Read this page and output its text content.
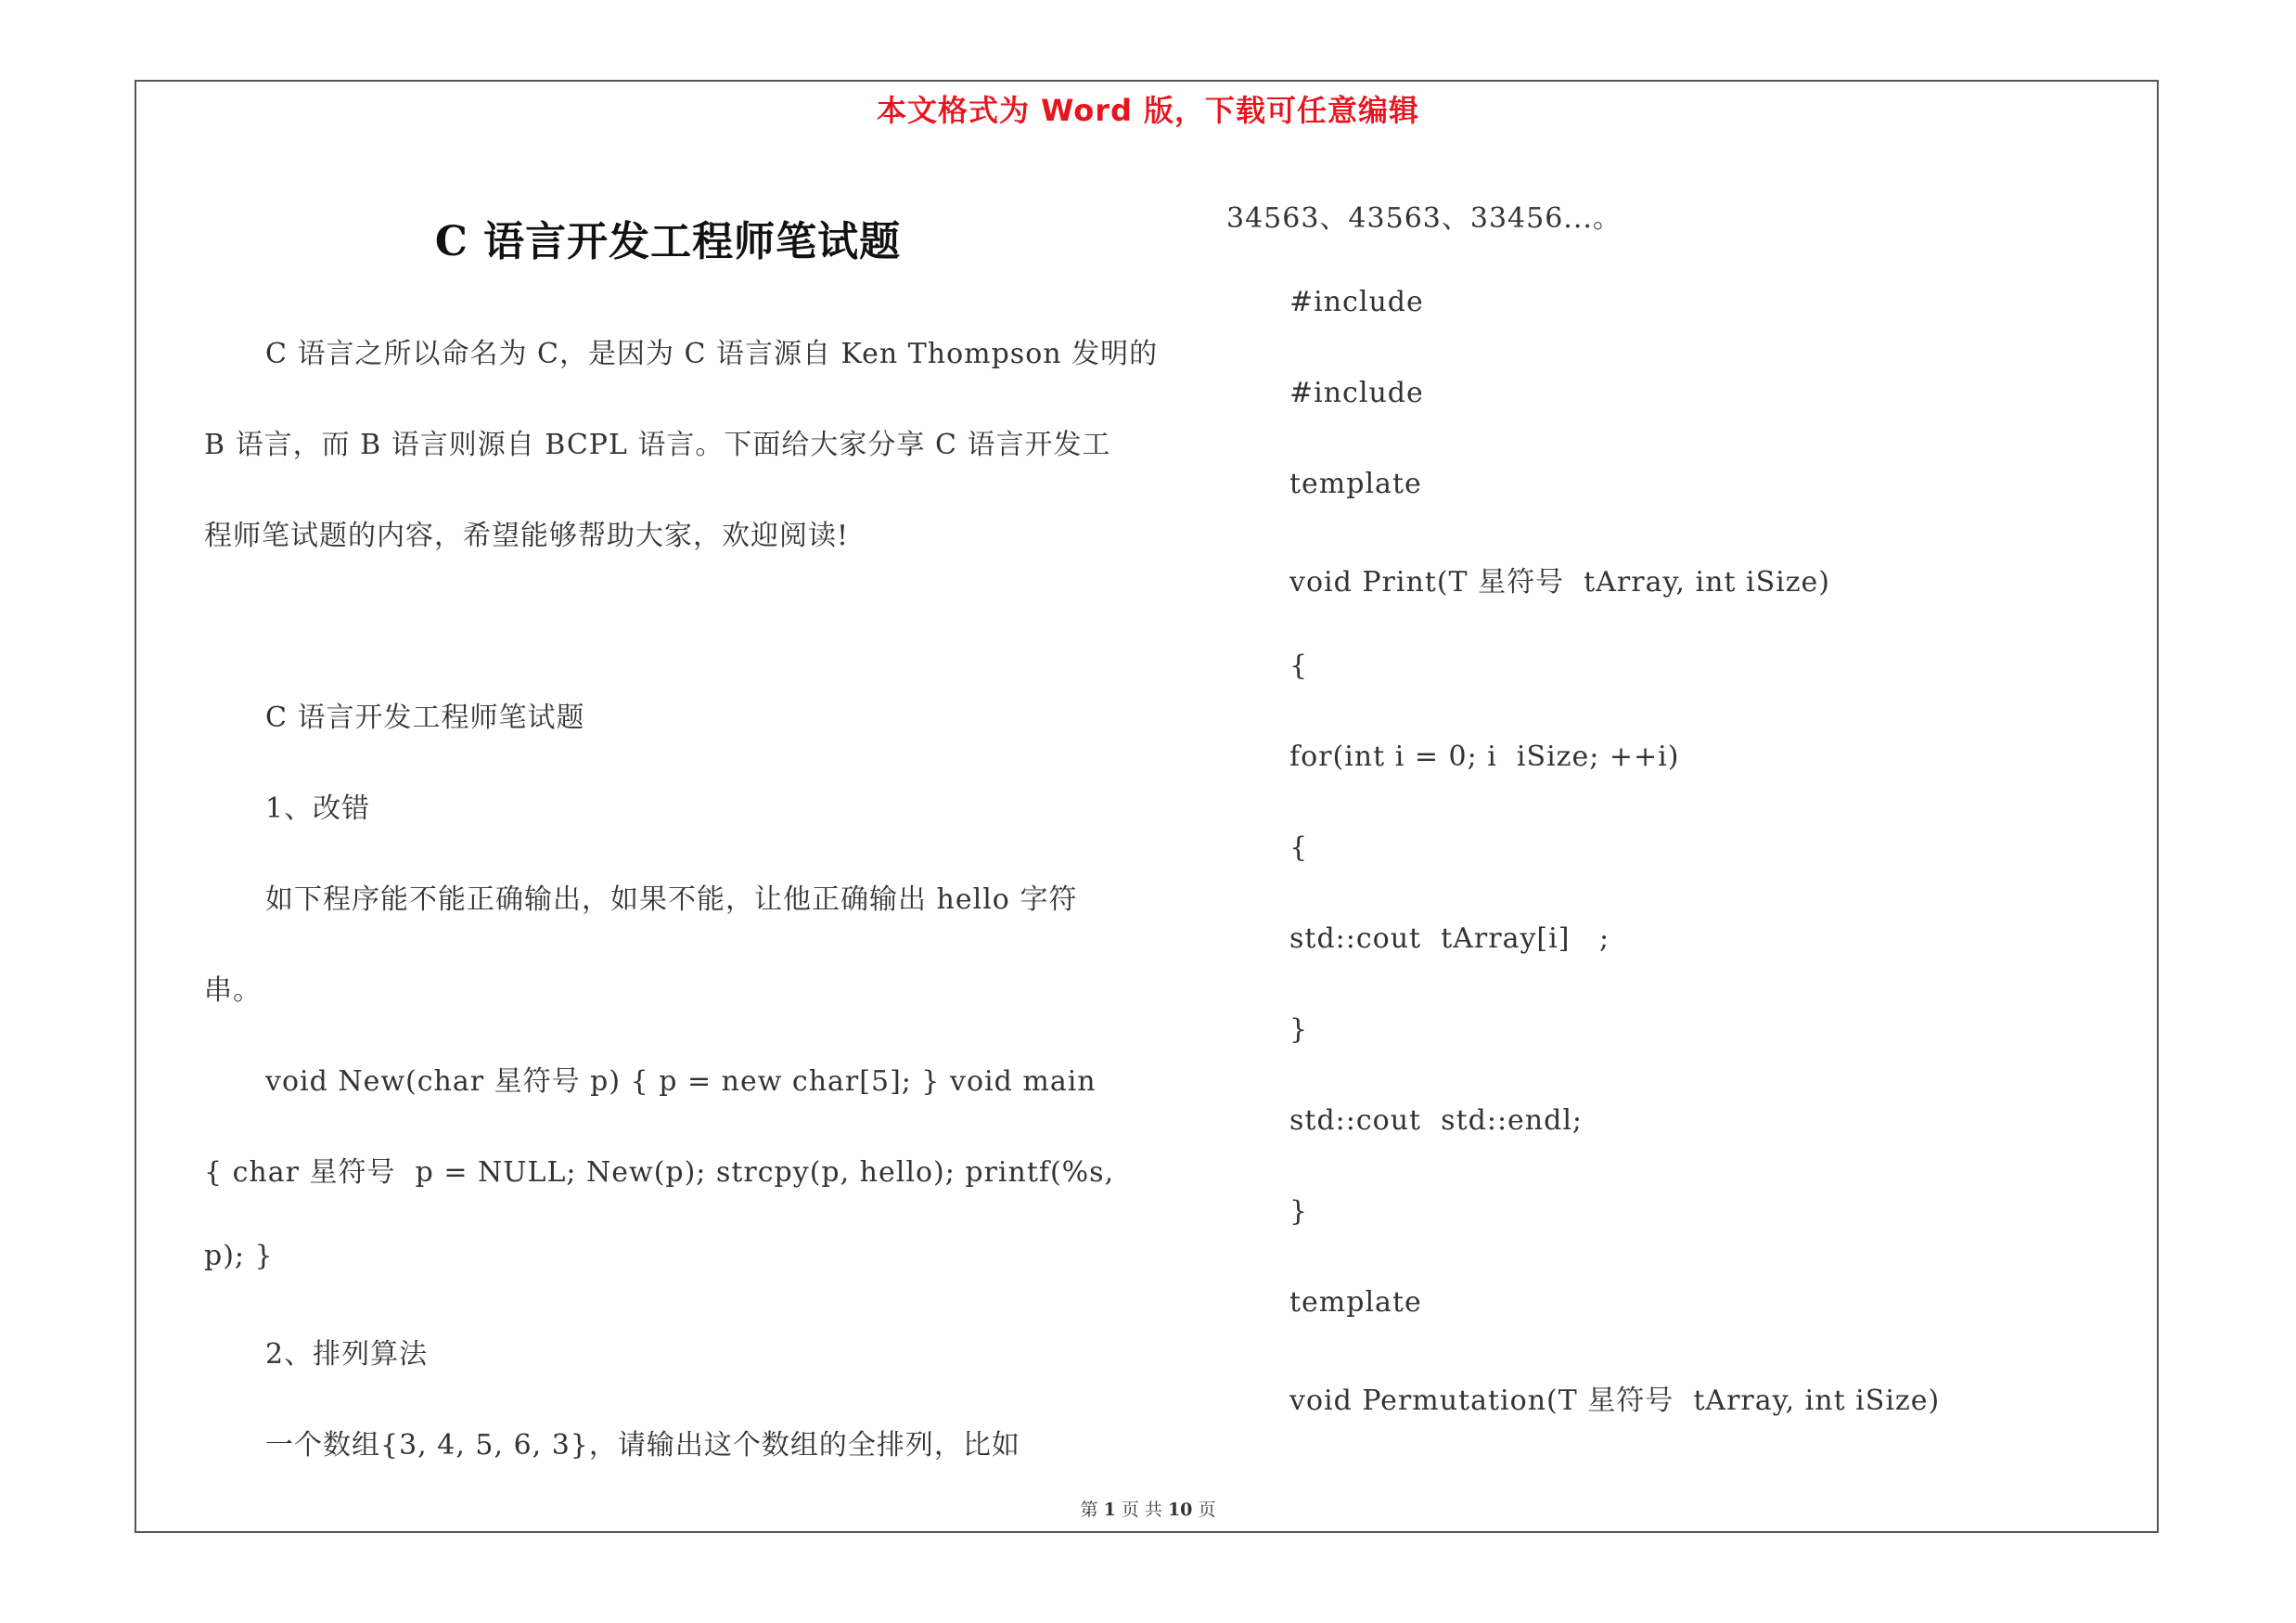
本文格式为 Word 版，下载可任意编辑
C 语言开发工程师笔试题

C 语言之所以命名为 C，是因为 C 语言源自 Ken Thompson 发明的

B 语言，而 B 语言则源自 BCPL 语言。下面给大家分享 C 语言开发工

程师笔试题的内容，希望能够帮助大家，欢迎阅读!

C 语言开发工程师笔试题

1、改错

如下程序能不能正确输出，如果不能，让他正确输出 hello 字符

串。

void New(char 星符号 p) { p = new char[5]; } void main

{ char 星符号  p = NULL; New(p); strcpy(p, hello); printf(%s,

p); }

2、排列算法

一个数组{3, 4, 5, 6, 3}，请输出这个数组的全排列，比如

34563、43563、33456...。

#include

#include

template

void Print(T 星符号  tArray, int iSize)

{

for(int i = 0; i  iSize; ++i)

{

std::cout  tArray[i]   ;

}

std::cout  std::endl;

}

template

void Permutation(T 星符号  tArray, int iSize)

第 1 页 共 10 页
